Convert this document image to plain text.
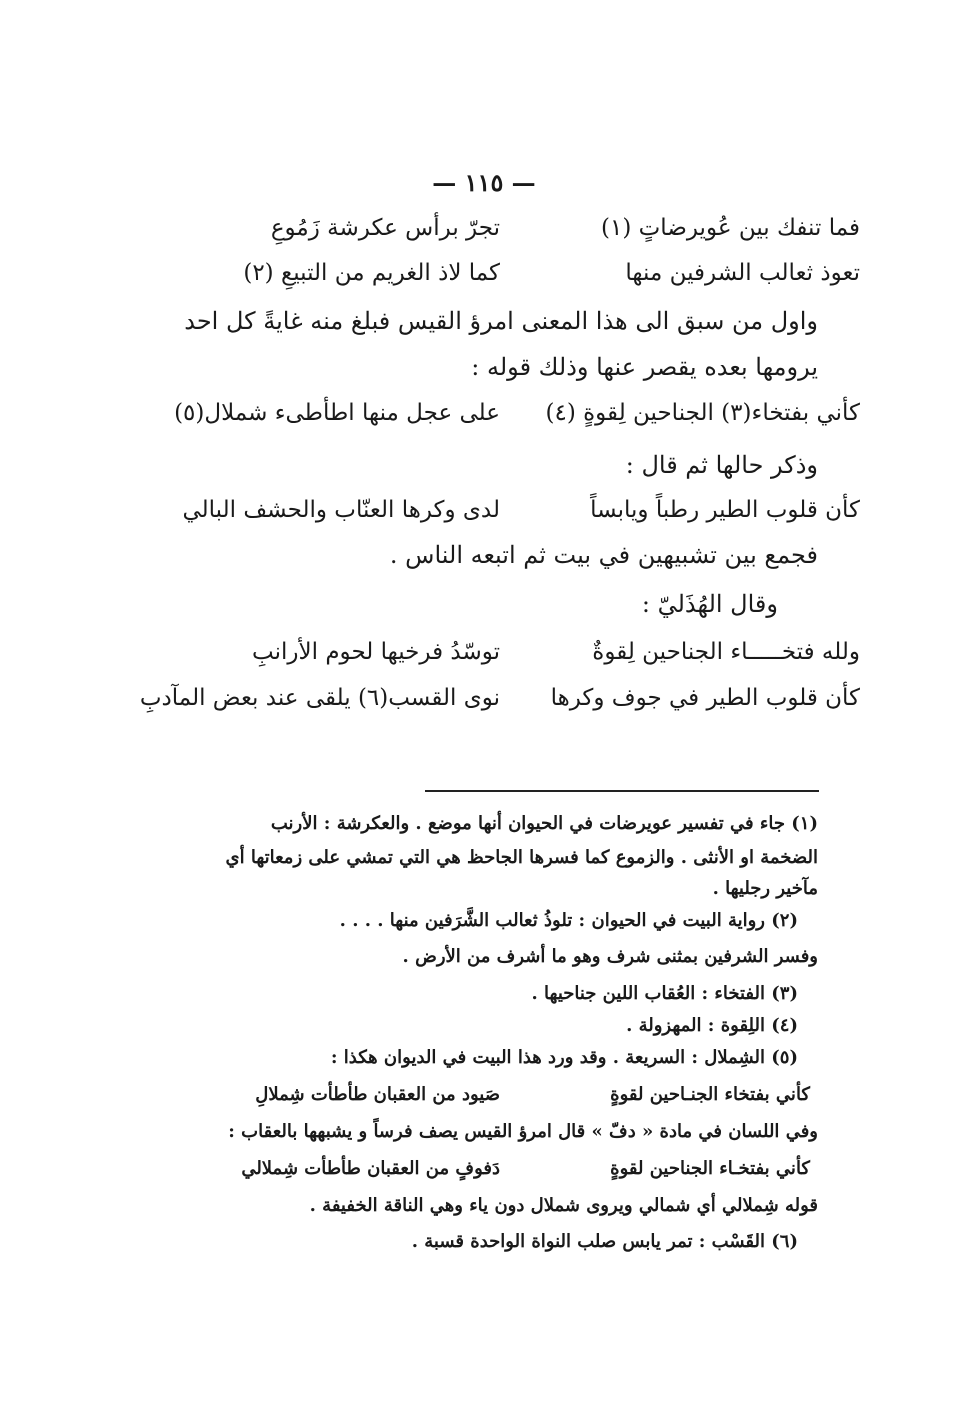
— ١١٥ —
فما تنفك بين عُويرضاتٍ (١)
تجرّ برأس عكرشة زَمُوعِ
تعوذ ثعالب الشرفين منها
كما لاذ الغريم من التبيعِ (٢)
واول من سبق الى هذا المعنى امرؤ القيس فبلغ منه غايةً كل احد
يرومها بعده يقصر عنها وذلك قوله :
كأني بفتخاء(٣) الجناحين لِقوةٍ (٤)
على عجل منها اطأطىء شملال(٥)
وذكر حالها ثم قال :
كأن قلوب الطير رطباً ويابساً
لدى وكرها العنّاب والحشف البالي
فجمع بين تشبيهين في بيت ثم اتبعه الناس .
وقال الهُذَليّ :
ولله فتخـــــاء الجناحين لِقوةٌ
توسّدُ فرخيها لحوم الأرانبِ
كأن قلوب الطير في جوف وكرها
نوى القسب(٦) يلقى عند بعض المآدبِ
(١) جاء في تفسير عويرضات في الحيوان أنها موضع . والعكرشة : الأرنب
الضخمة او الأنثى . والزموع كما فسرها الجاحظ هي التي تمشي على زمعاتها أي
مآخير رجليها .
(٢) رواية البيت في الحيوان : تلوذُ ثعالب الشَّرَفين منها . . . .
وفسر الشرفين بمثنى شرف وهو ما أشرف من الأرض .
(٣) الفتخاء : العُقاب اللين جناحيها .
(٤) اللِقوة : المهزولة .
(٥) الشِملال : السريعة . وقد ورد هذا البيت في الديوان هكذا :
كأني بفتخاء الجنـاحين لقوةٍ
صَيود من العقبان طأطأت شِملالِ
وفي اللسان في مادة « دفّ » قال امرؤ القيس يصف فرساً و يشبهها بالعقاب :
كأني بفتخـاء الجناحين لقوةٍ
دَفوفٍ من العقبان طأطأت شِملالي
قوله شِملالي أي شمالي ويروى شملال دون ياء وهي الناقة الخفيفة .
(٦) القَسْب : تمر يابس صلب النواة الواحدة قسبة .
